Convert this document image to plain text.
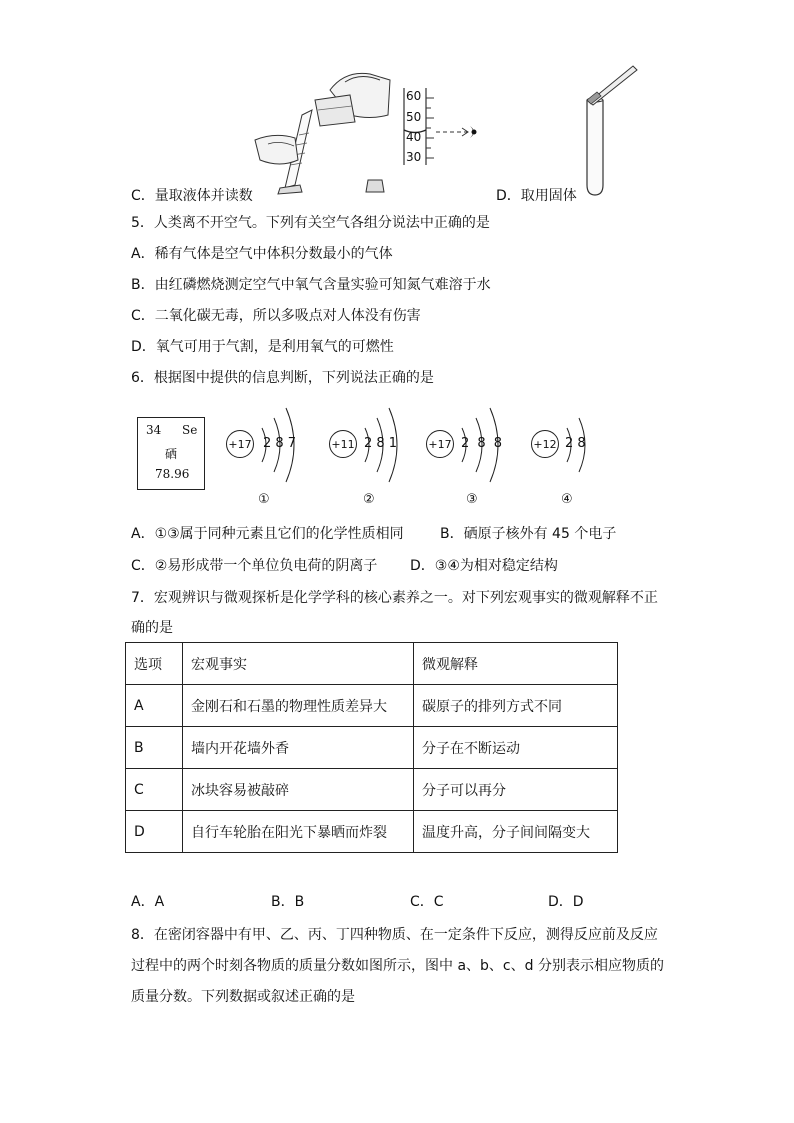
60
50
40
30
C．量取液体并读数	D．取用固体
5．人类离不开空气。下列有关空气各组分说法中正确的是
A．稀有气体是空气中体积分数最小的气体
B．由红磷燃烧测定空气中氧气含量实验可知氮气难溶于水
C．二氧化碳无毒，所以多吸点对人体没有伤害
D．氧气可用于气割，是利用氧气的可燃性
6．根据图中提供的信息判断，下列说法正确的是
34 Se
硒
78.96
+17 2 8 7
①
+11 2 8 1
②
+17 2 8 8
③
+12 2 8
④
A．①③属于同种元素且它们的化学性质相同	B．硒原子核外有 45 个电子
C．②易形成带一个单位负电荷的阴离子 D．③④为相对稳定结构
7．宏观辨识与微观探析是化学学科的核心素养之一。对下列宏观事实的微观解释不正
确的是
选项	宏观事实	微观解释
A	金刚石和石墨的物理性质差异大	碳原子的排列方式不同
B	墙内开花墙外香	分子在不断运动
C	冰块容易被敲碎	分子可以再分
D	自行车轮胎在阳光下暴晒而炸裂	温度升高，分子间间隔变大
A．A	B．B	C．C	D．D
8．在密闭容器中有甲、乙、丙、丁四种物质、在一定条件下反应，测得反应前及反应
过程中的两个时刻各物质的质量分数如图所示，图中 a、b、c、d 分别表示相应物质的
质量分数。下列数据或叙述正确的是
